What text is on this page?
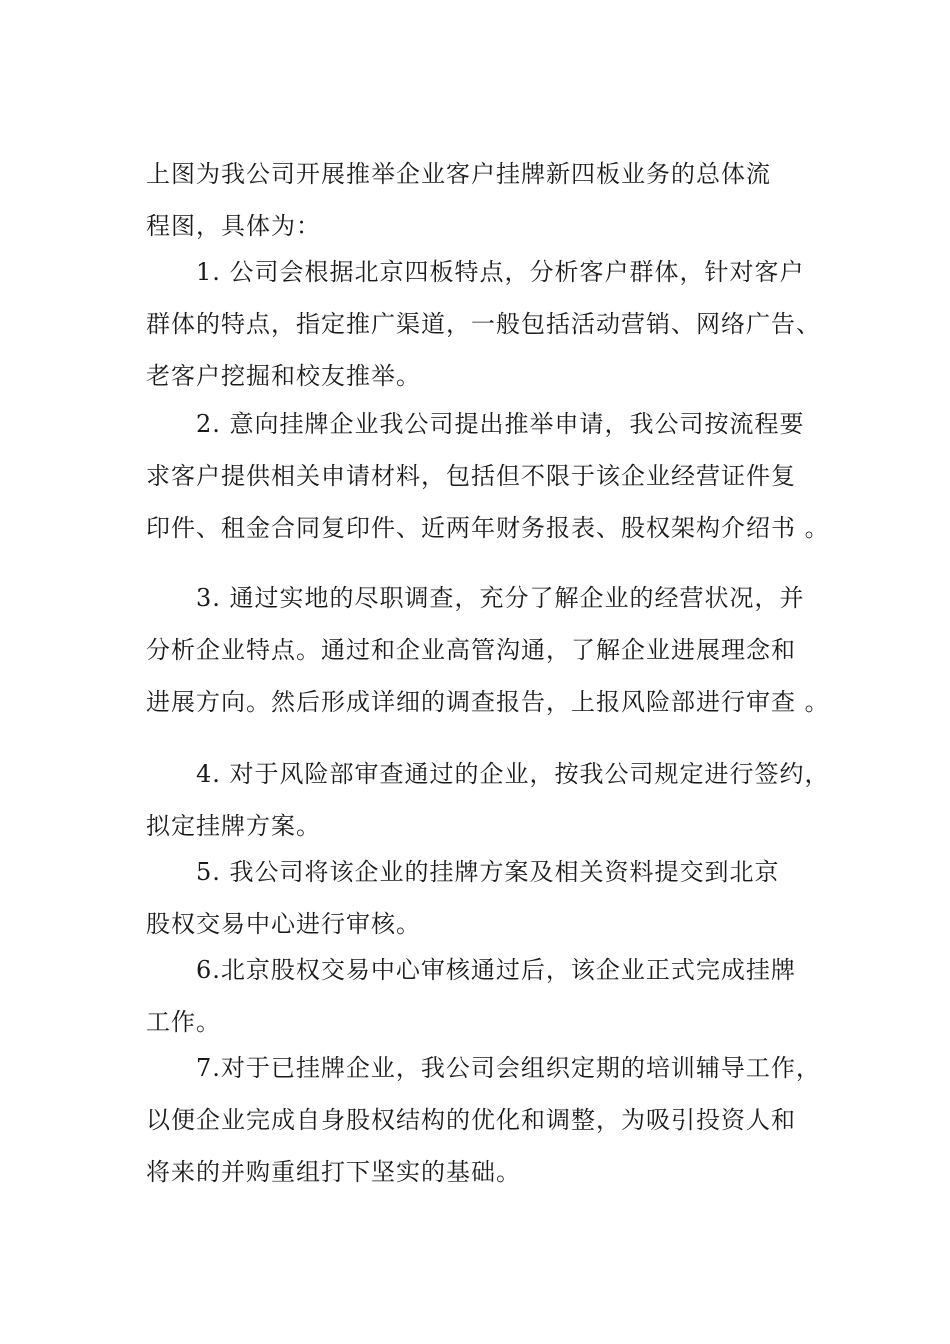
上图为我公司开展推举企业客户挂牌新四板业务的总体流
程图，具体为：
1. 公司会根据北京四板特点，分析客户群体，针对客户
群体的特点，指定推广渠道，一般包括活动营销、网络广告、
老客户挖掘和校友推举。
2. 意向挂牌企业我公司提出推举申请，我公司按流程要
求客户提供相关申请材料，包括但不限于该企业经营证件复
印件、租金合同复印件、近两年财务报表、股权架构介绍书 。
3. 通过实地的尽职调查，充分了解企业的经营状况，并
分析企业特点。通过和企业高管沟通，了解企业进展理念和
进展方向。然后形成详细的调查报告，上报风险部进行审查 。
4. 对于风险部审查通过的企业，按我公司规定进行签约，
拟定挂牌方案。
5. 我公司将该企业的挂牌方案及相关资料提交到北京
股权交易中心进行审核。
6.北京股权交易中心审核通过后，该企业正式完成挂牌
工作。
7.对于已挂牌企业，我公司会组织定期的培训辅导工作，
以便企业完成自身股权结构的优化和调整，为吸引投资人和
将来的并购重组打下坚实的基础。
